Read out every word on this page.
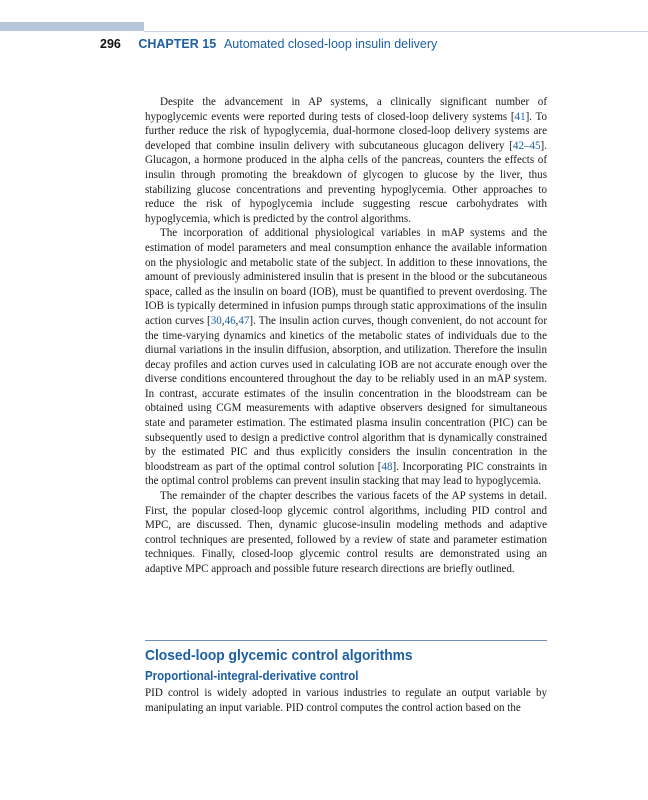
296 CHAPTER 15 Automated closed-loop insulin delivery

Despite the advancement in AP systems, a clinically significant number of hypoglycemic events were reported during tests of closed-loop delivery systems [41]. To further reduce the risk of hypoglycemia, dual-hormone closed-loop delivery systems are developed that combine insulin delivery with subcutaneous glucagon delivery [42–45]. Glucagon, a hormone produced in the alpha cells of the pancreas, counters the effects of insulin through promoting the breakdown of glycogen to glucose by the liver, thus stabilizing glucose concentrations and preventing hypoglycemia. Other approaches to reduce the risk of hypoglycemia include suggesting rescue carbohydrates with hypoglycemia, which is predicted by the control algorithms.

The incorporation of additional physiological variables in mAP systems and the estimation of model parameters and meal consumption enhance the available information on the physiologic and metabolic state of the subject. In addition to these innovations, the amount of previously administered insulin that is present in the blood or the subcutaneous space, called as the insulin on board (IOB), must be quantified to prevent overdosing. The IOB is typically determined in infusion pumps through static approximations of the insulin action curves [30,46,47]. The insulin action curves, though convenient, do not account for the time-varying dynamics and kinetics of the metabolic states of individuals due to the diurnal variations in the insulin diffusion, absorption, and utilization. Therefore the insulin decay profiles and action curves used in calculating IOB are not accurate enough over the diverse conditions encountered throughout the day to be reliably used in an mAP system. In contrast, accurate estimates of the insulin concentration in the bloodstream can be obtained using CGM measurements with adaptive observers designed for simultaneous state and parameter estimation. The estimated plasma insulin concentration (PIC) can be subsequently used to design a predictive control algorithm that is dynamically constrained by the estimated PIC and thus explicitly considers the insulin concentration in the bloodstream as part of the optimal control solution [48]. Incorporating PIC constraints in the optimal control problems can prevent insulin stacking that may lead to hypoglycemia.

The remainder of the chapter describes the various facets of the AP systems in detail. First, the popular closed-loop glycemic control algorithms, including PID control and MPC, are discussed. Then, dynamic glucose-insulin modeling methods and adaptive control techniques are presented, followed by a review of state and parameter estimation techniques. Finally, closed-loop glycemic control results are demonstrated using an adaptive MPC approach and possible future research directions are briefly outlined.

Closed-loop glycemic control algorithms
Proportional-integral-derivative control

PID control is widely adopted in various industries to regulate an output variable by manipulating an input variable. PID control computes the control action based on the
